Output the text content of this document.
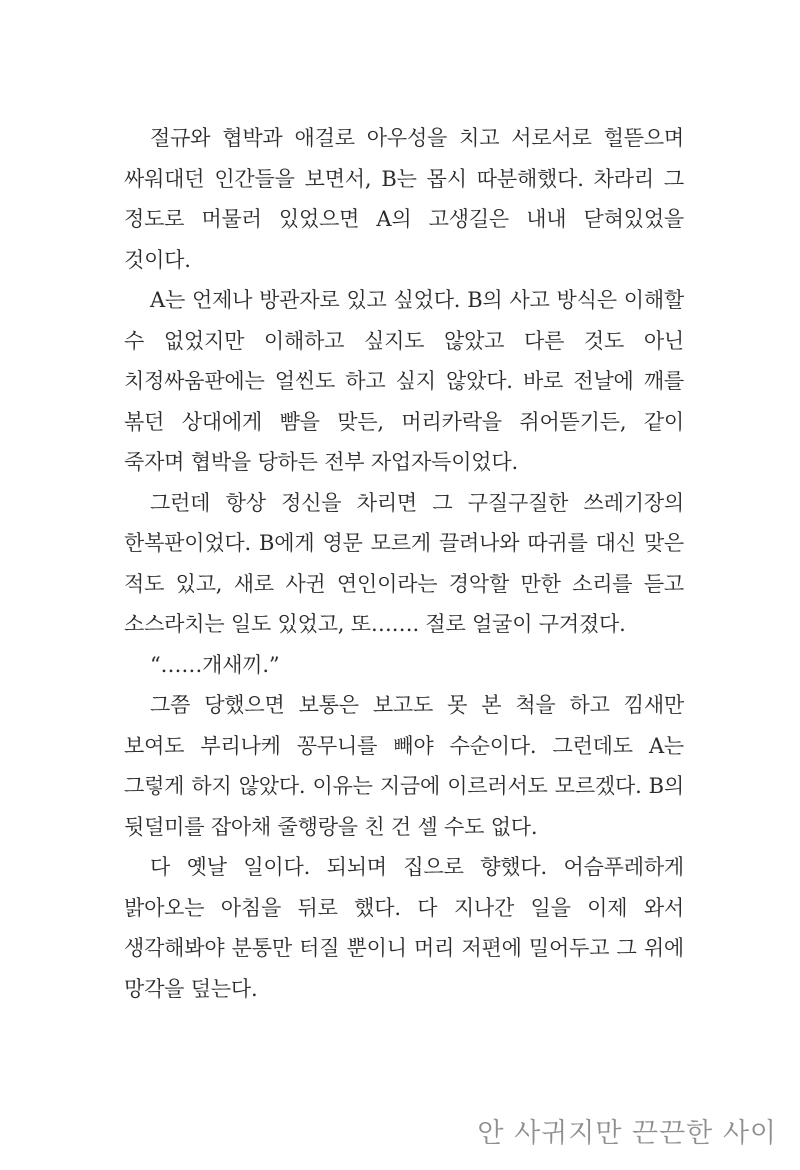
절규와 협박과 애걸로 아우성을 치고 서로서로 헐뜯으며 싸워대던 인간들을 보면서, B는 몹시 따분해했다. 차라리 그 정도로 머물러 있었으면 A의 고생길은 내내 닫혀있었을 것이다.

A는 언제나 방관자로 있고 싶었다. B의 사고 방식은 이해할 수 없었지만 이해하고 싶지도 않았고 다른 것도 아닌 치정싸움판에는 얼씬도 하고 싶지 않았다. 바로 전날에 깨를 볶던 상대에게 뺨을 맞든, 머리카락을 쥐어뜯기든, 같이 죽자며 협박을 당하든 전부 자업자득이었다.

그런데 항상 정신을 차리면 그 구질구질한 쓰레기장의 한복판이었다. B에게 영문 모르게 끌려나와 따귀를 대신 맞은 적도 있고, 새로 사귄 연인이라는 경악할 만한 소리를 듣고 소스라치는 일도 있었고, 또……. 절로 얼굴이 구겨졌다.

“……개새끼.”

그쯤 당했으면 보통은 보고도 못 본 척을 하고 낌새만 보여도 부리나케 꽁무니를 빼야 수순이다. 그런데도 A는 그렇게 하지 않았다. 이유는 지금에 이르러서도 모르겠다. B의 뒷덜미를 잡아채 줄행랑을 친 건 셀 수도 없다.

다 옛날 일이다. 되뇌며 집으로 향했다. 어슴푸레하게 밝아오는 아침을 뒤로 했다. 다 지나간 일을 이제 와서 생각해봐야 분통만 터질 뿐이니 머리 저편에 밀어두고 그 위에 망각을 덮는다.

안 사귀지만 끈끈한 사이
